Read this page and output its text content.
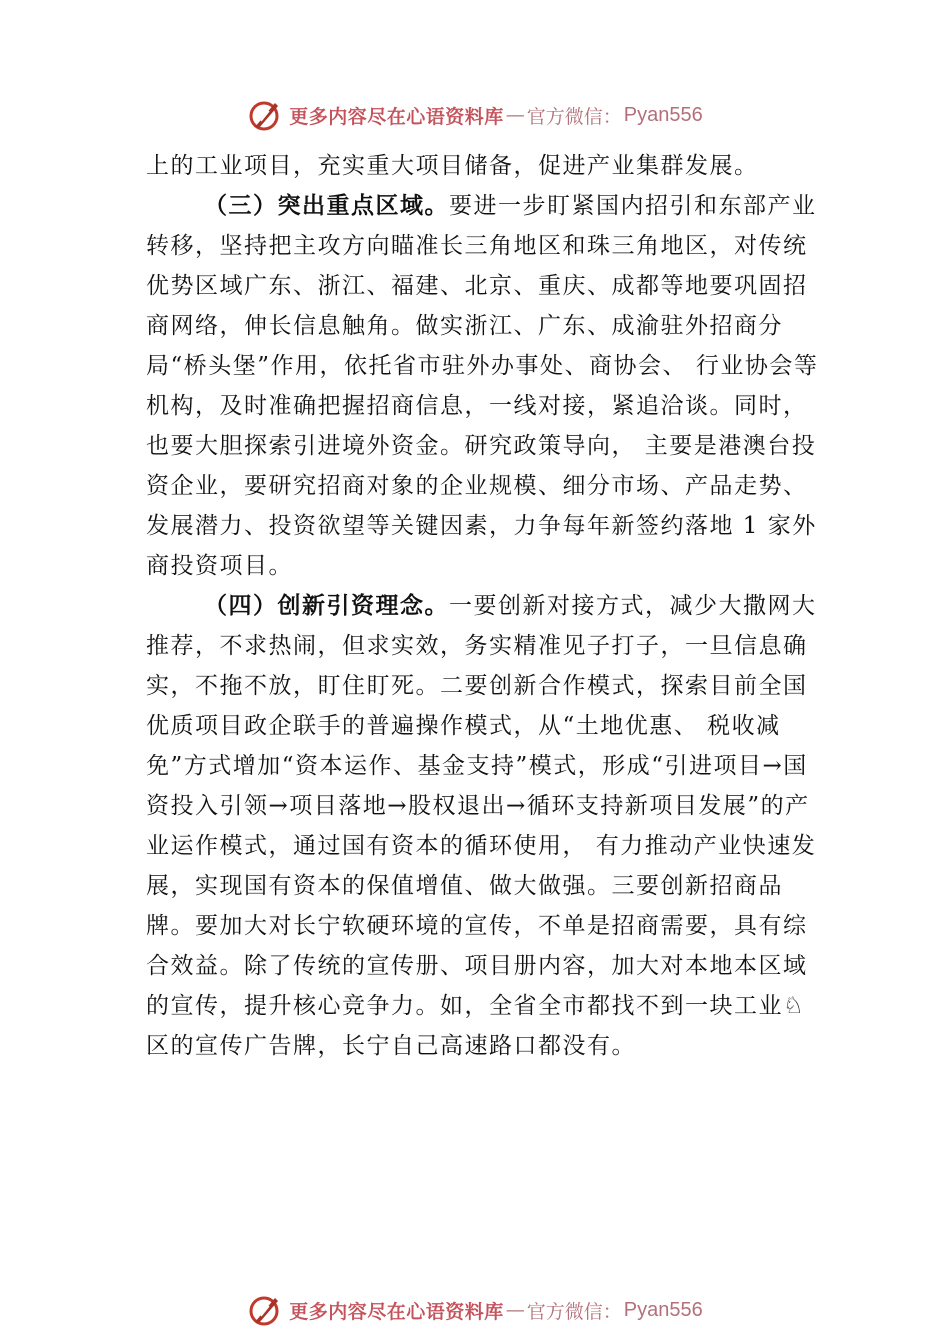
更多内容尽在心语资料库 — 官方微信： Pyan556

上的工业项目，充实重大项目储备，促进产业集群发展。

（三）突出重点区域。要进一步盯紧国内招引和东部产业转移，坚持把主攻方向瞄准长三角地区和珠三角地区，对传统优势区域广东、浙江、福建、北京、重庆、成都等地要巩固招商网络，伸长信息触角。做实浙江、广东、成渝驻外招商分局“桥头堡”作用，依托省市驻外办事处、商协会、 行业协会等机构，及时准确把握招商信息，一线对接，紧追洽谈。同时，也要大胆探索引进境外资金。研究政策导向， 主要是港澳台投资企业，要研究招商对象的企业规模、细分市场、产品走势、发展潜力、投资欲望等关键因素，力争每年新签约落地 1 家外商投资项目。

（四）创新引资理念。一要创新对接方式，减少大撒网大推荐，不求热闹，但求实效，务实精准见子打子，一旦信息确实，不拖不放，盯住盯死。二要创新合作模式，探索目前全国优质项目政企联手的普遍操作模式，从“土地优惠、 税收减免”方式增加“资本运作、基金支持”模式，形成“引进项目→国资投入引领→项目落地→股权退出→循环支持新项目发展”的产业运作模式，通过国有资本的循环使用， 有力推动产业快速发展，实现国有资本的保值增值、做大做强。三要创新招商品牌。要加大对长宁软硬环境的宣传，不单是招商需要，具有综合效益。除了传统的宣传册、项目册内容，加大对本地本区域的宣传，提升核心竞争力。如，全省全市都找不到一块工业♘区的宣传广告牌，长宁自己高速路口都没有。

更多内容尽在心语资料库 — 官方微信： Pyan556
